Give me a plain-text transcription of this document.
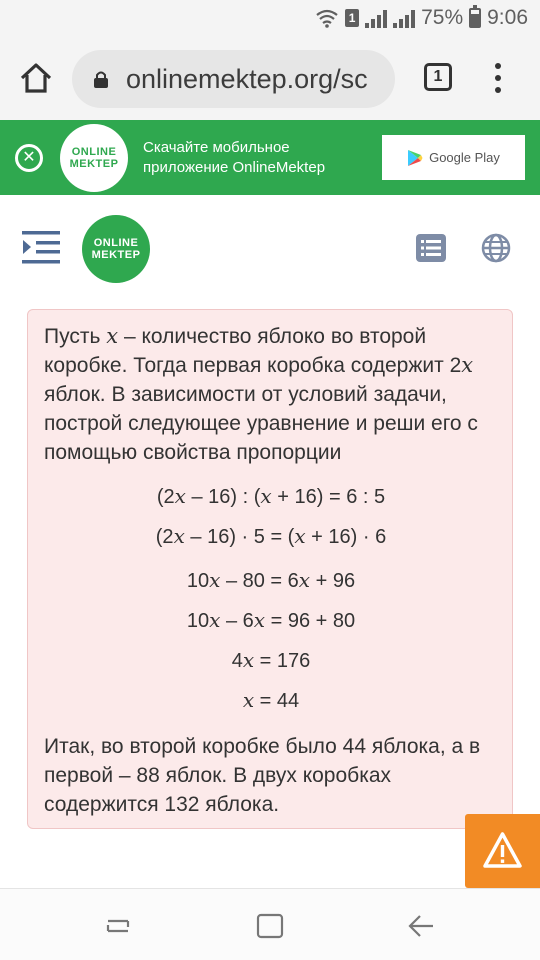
1	75% 9:06
onlinemektep.org/sc	1
✕	ONLINE
MEKTEP
Скачайте мобильное приложение OnlineMektep
Google Play
ONLINE
MEKTEP
Пусть x – количество яблоко во второй коробке. Тогда первая коробка содержит 2x яблок. В зависимости от условий задачи, построй следующее уравнение и реши его с помощью свойства пропорции
(2x – 16) : (x + 16) = 6 : 5
(2x – 16) · 5 = (x + 16) · 6
10x – 80 = 6x + 96
10x – 6x = 96 + 80
4x = 176
x = 44
Итак, во второй коробке было 44 яблока, а в первой – 88 яблок. В двух коробках содержится 132 яблока.
